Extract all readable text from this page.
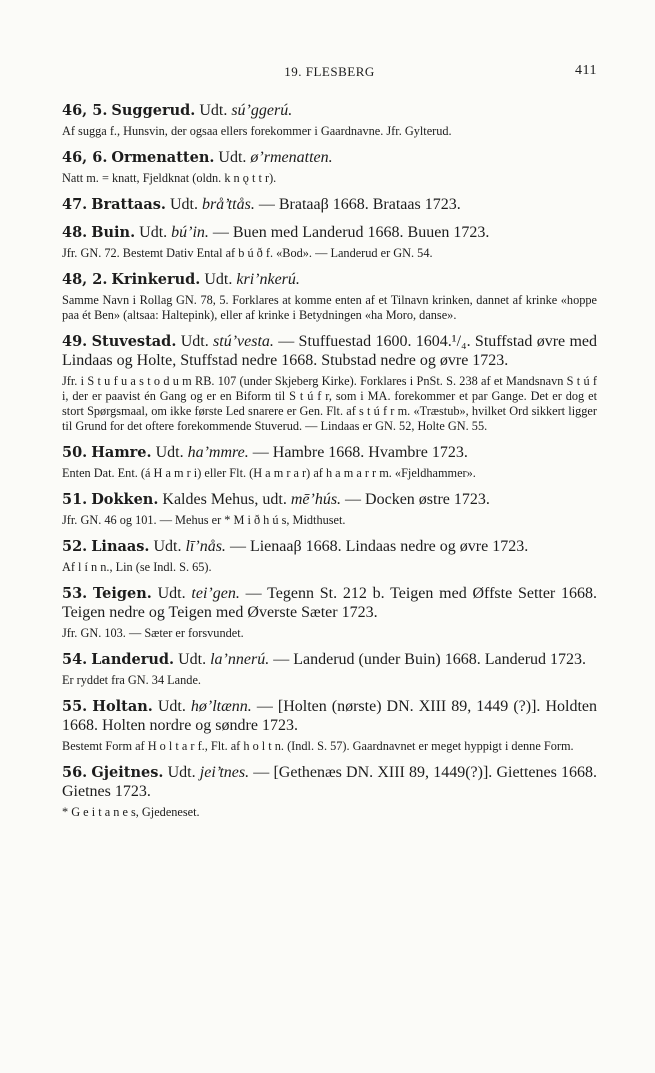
19. FLESBERG	411
46, 5. Suggerud. Udt. sú’ggerú.
Af sugga f., Hunsvin, der ogsaa ellers forekommer i Gaardnavne. Jfr. Gylterud.
46, 6. Ormenatten. Udt. ø’rmenatten.
Natt m. = knatt, Fjeldknat (oldn. k n ǫ t t r).
47. Brattaas. Udt. brå’ttås. — Brataaβ 1668. Brataas 1723.
48. Buin. Udt. bú’in. — Buen med Landerud 1668. Buuen 1723.
Jfr. GN. 72. Bestemt Dativ Ental af b ú ð f. «Bod». — Landerud er GN. 54.
48, 2. Krinkerud. Udt. kri’nkerú.
Samme Navn i Rollag GN. 78, 5. Forklares at komme enten af et Tilnavn krinken, dannet af krinke «hoppe paa ét Ben» (altsaa: Haltepink), eller af krinke i Betydningen «ha Moro, danse».
49. Stuvestad. Udt. stú’vesta. — Stuffuestad 1600. 1604.¹/₄. Stuffstad øvre med Lindaas og Holte, Stuffstad nedre 1668. Stubstad nedre og øvre 1723.
Jfr. i S t u f u a s t o d u m RB. 107 (under Skjeberg Kirke). Forklares i PnSt. S. 238 af et Mandsnavn S t ú f i, der er paavist én Gang og er en Biform til S t ú f r, som i MA. forekommer et par Gange. Det er dog et stort Spørgsmaal, om ikke første Led snarere er Gen. Flt. af s t ú f r m. «Træstub», hvilket Ord sikkert ligger til Grund for det oftere forekommende Stuverud. — Lindaas er GN. 52, Holte GN. 55.
50. Hamre. Udt. ha’mmre. — Hambre 1668. Hvambre 1723.
Enten Dat. Ent. (á H a m r i) eller Flt. (H a m r a r) af h a m a r r m. «Fjeldhammer».
51. Dokken. Kaldes Mehus, udt. mē’hús. — Docken østre 1723.
Jfr. GN. 46 og 101. — Mehus er * M i ð h ú s, Midthuset.
52. Linaas. Udt. lī’nås. — Lienaaβ 1668. Lindaas nedre og øvre 1723.
Af l í n n., Lin (se Indl. S. 65).
53. Teigen. Udt. tei’gen. — Tegenn St. 212 b. Teigen med Øffste Setter 1668. Teigen nedre og Teigen med Øverste Sæter 1723.
Jfr. GN. 103. — Sæter er forsvundet.
54. Landerud. Udt. la’nnerú. — Landerud (under Buin) 1668. Landerud 1723.
Er ryddet fra GN. 34 Lande.
55. Holtan. Udt. hø’ltænn. — [Holten (nørste) DN. XIII 89, 1449 (?)]. Holdten 1668. Holten nordre og søndre 1723.
Bestemt Form af H o l t a r f., Flt. af h o l t n. (Indl. S. 57). Gaardnavnet er meget hyppigt i denne Form.
56. Gjeitnes. Udt. jei’tnes. — [Gethenæs DN. XIII 89, 1449(?)]. Giettenes 1668. Gietnes 1723.
* G e i t a n e s, Gjedeneset.
